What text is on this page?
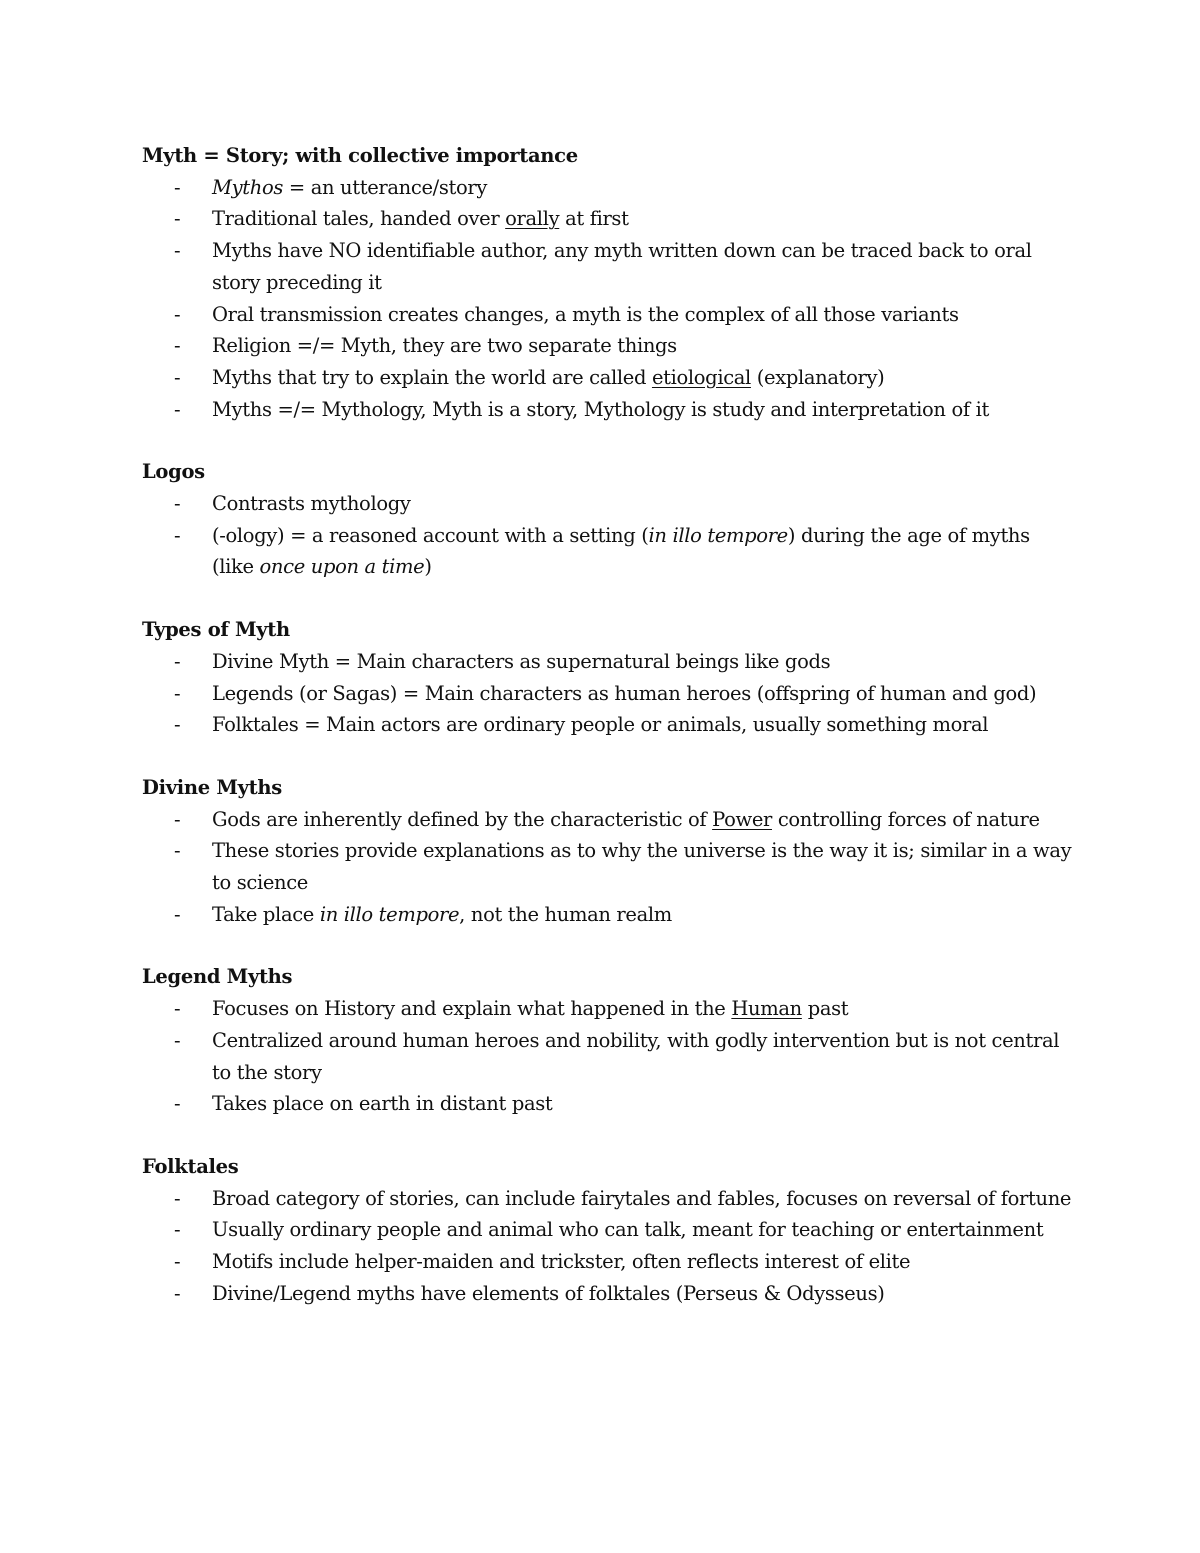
Myth = Story; with collective importance
- Mythos = an utterance/story
- Traditional tales, handed over orally at first
- Myths have NO identifiable author, any myth written down can be traced back to oral story preceding it
- Oral transmission creates changes, a myth is the complex of all those variants
- Religion =/= Myth, they are two separate things
- Myths that try to explain the world are called etiological (explanatory)
- Myths =/= Mythology, Myth is a story, Mythology is study and interpretation of it
Logos
- Contrasts mythology
- (-ology) = a reasoned account with a setting (in illo tempore) during the age of myths (like once upon a time)
Types of Myth
- Divine Myth = Main characters as supernatural beings like gods
- Legends (or Sagas) = Main characters as human heroes (offspring of human and god)
- Folktales = Main actors are ordinary people or animals, usually something moral
Divine Myths
- Gods are inherently defined by the characteristic of Power controlling forces of nature
- These stories provide explanations as to why the universe is the way it is; similar in a way to science
- Take place in illo tempore, not the human realm
Legend Myths
- Focuses on History and explain what happened in the Human past
- Centralized around human heroes and nobility, with godly intervention but is not central to the story
- Takes place on earth in distant past
Folktales
- Broad category of stories, can include fairytales and fables, focuses on reversal of fortune
- Usually ordinary people and animal who can talk, meant for teaching or entertainment
- Motifs include helper-maiden and trickster, often reflects interest of elite
- Divine/Legend myths have elements of folktales (Perseus & Odysseus)
